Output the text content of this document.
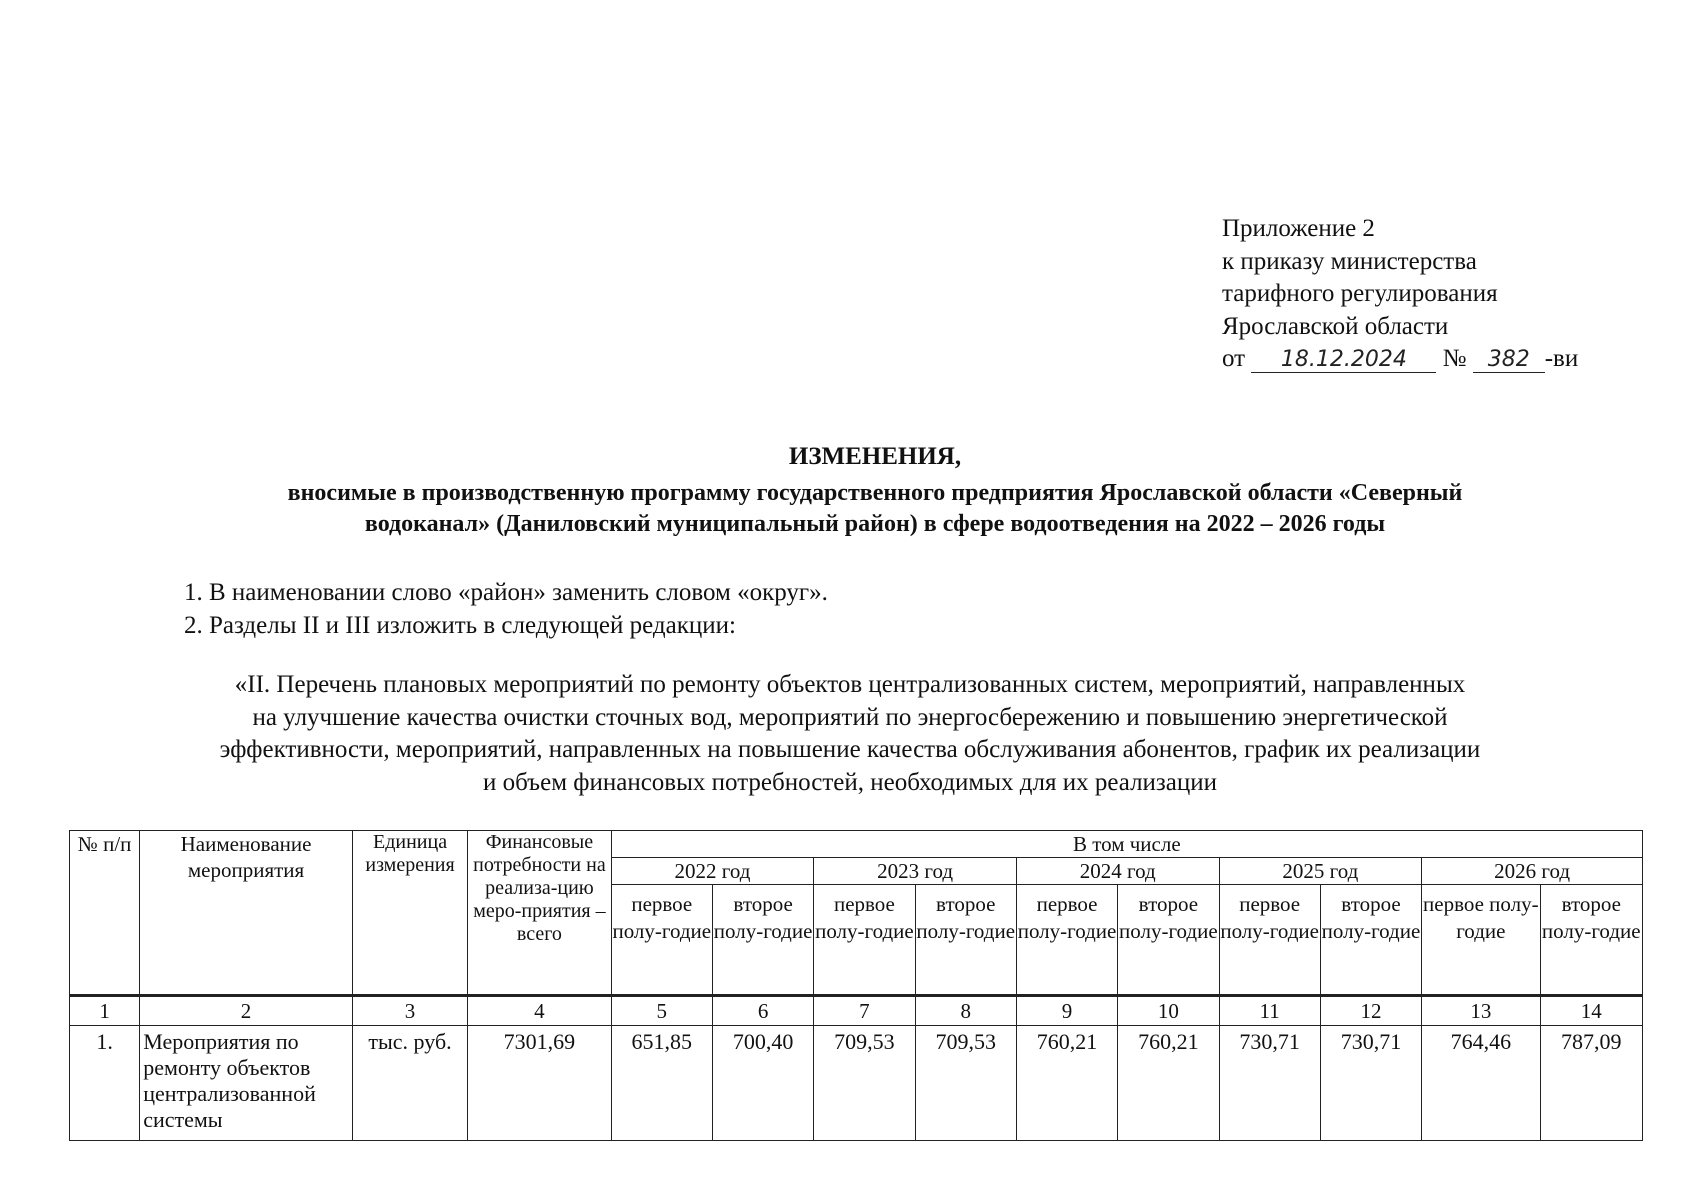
Приложение 2
к приказу министерства
тарифного регулирования
Ярославской области
от 18.12.2024 № 382 -ви
ИЗМЕНЕНИЯ,
вносимые в производственную программу государственного предприятия Ярославской области «Северный
водоканал» (Даниловский муниципальный район) в сфере водоотведения на 2022 – 2026 годы
1. В наименовании слово «район» заменить словом «округ».
2. Разделы II и III изложить в следующей редакции:
«II. Перечень плановых мероприятий по ремонту объектов централизованных систем, мероприятий, направленных
на улучшение качества очистки сточных вод, мероприятий по энергосбережению и повышению энергетической
эффективности, мероприятий, направленных на повышение качества обслуживания абонентов, график их реализации
и объем финансовых потребностей, необходимых для их реализации
№ п/п	Наименование мероприятия	Единица измерения	Финансовые потребности на реализа-цию меро-приятия – всего	В том числе									
				2022 год		2023 год		2024 год		2025 год		2026 год	
				первое полу-годие	второе полу-годие	первое полу-годие	второе полу-годие	первое полу-годие	второе полу-годие	первое полу-годие	второе полу-годие	первое полу-годие	второе полу-годие
1	2	3	4	5	6	7	8	9	10	11	12	13	14
1.	Мероприятия по ремонту объектов централизованной системы	тыс. руб.	7301,69	651,85	700,40	709,53	709,53	760,21	760,21	730,71	730,71	764,46	787,09
